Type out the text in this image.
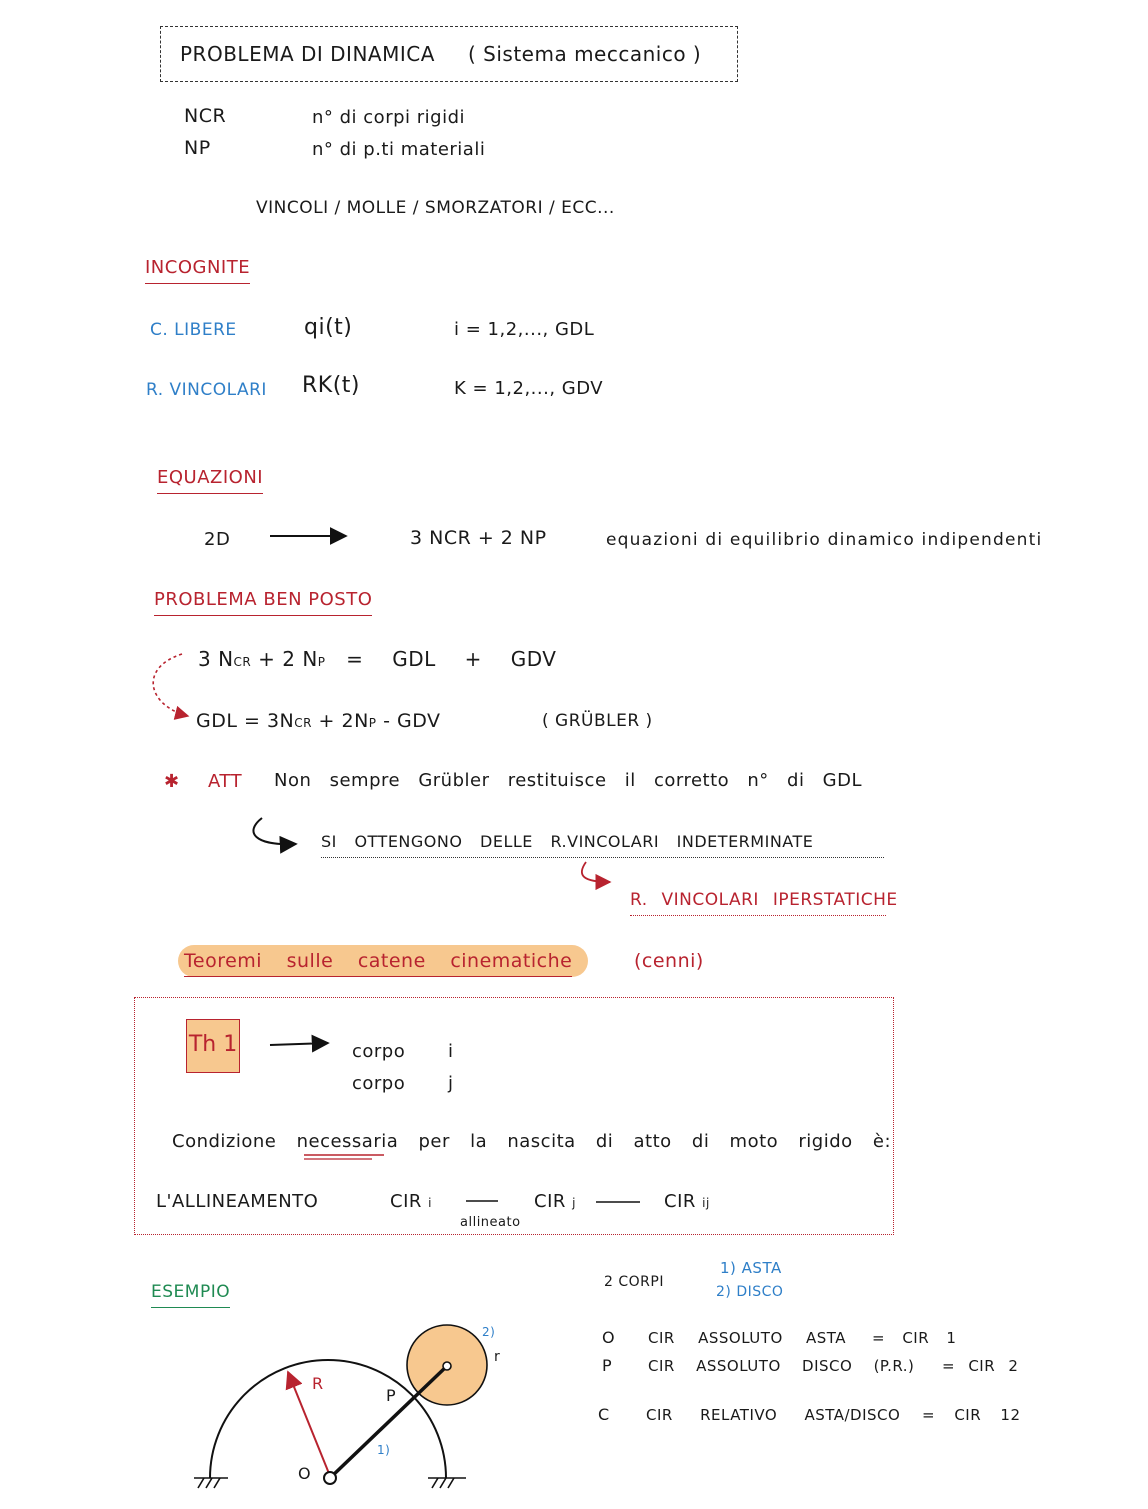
PROBLEMA DI DINAMICA ( Sistema meccanico )
NCR	n° di corpi rigidi
NP	n° di p.ti materiali
VINCOLI / MOLLE / SMORZATORI / ECC...
INCOGNITE
C. LIBERE	qi(t)	i = 1,2,..., GDL
R. VINCOLARI RK(t)	K = 1,2,..., GDV
EQUAZIONI
2D	3 NCR + 2 NP	equazioni di equilibrio dinamico indipendenti
PROBLEMA BEN POSTO
3 NCR + 2 NP = GDL + GDV
GDL = 3NCR + 2NP - GDV	( GRÜBLER )
✱ ATT Non sempre Grübler restituisce il corretto n° di GDL
SI OTTENGONO DELLE R.VINCOLARI INDETERMINATE
R. VINCOLARI IPERSTATICHE
Teoremi sulle catene cinematiche	(cenni)
Th 1	corpo i
corpo j
Condizione necessaria per la nascita di atto di moto rigido è:
L'ALLINEAMENTO	CIR i
allineato
CIR j	CIR ij
ESEMPIO	2 CORPI
1) ASTA
2) DISCO
O CIR ASSOLUTO ASTA = CIR 1
P CIR ASSOLUTO DISCO (P.R.) = CIR 2
C CIR RELATIVO ASTA/DISCO = CIR 12
R
P
O
r
2)
1)
